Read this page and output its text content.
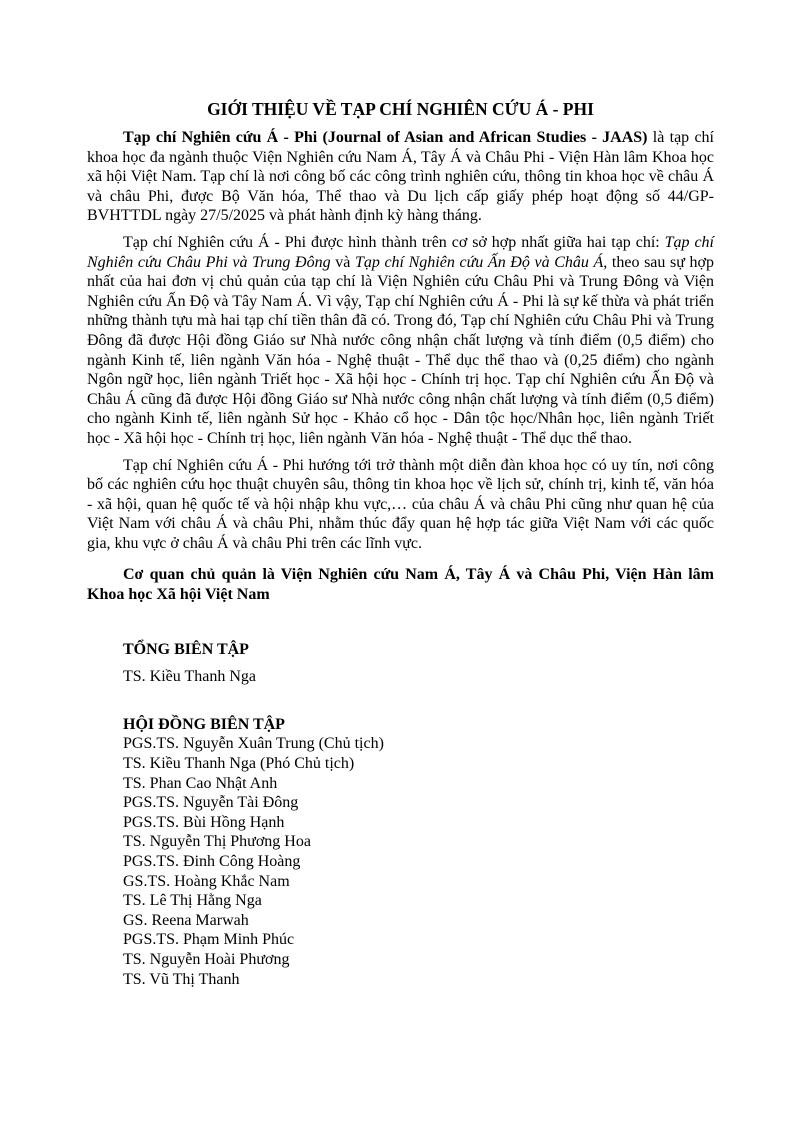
GIỚI THIỆU VỀ TẠP CHÍ NGHIÊN CỨU Á - PHI

Tạp chí Nghiên cứu Á - Phi (Journal of Asian and African Studies - JAAS) là tạp chí khoa học đa ngành thuộc Viện Nghiên cứu Nam Á, Tây Á và Châu Phi - Viện Hàn lâm Khoa học xã hội Việt Nam. Tạp chí là nơi công bố các công trình nghiên cứu, thông tin khoa học về châu Á và châu Phi, được Bộ Văn hóa, Thể thao và Du lịch cấp giấy phép hoạt động số 44/GP-BVHTTDL ngày 27/5/2025 và phát hành định kỳ hàng tháng.

Tạp chí Nghiên cứu Á - Phi được hình thành trên cơ sở hợp nhất giữa hai tạp chí: Tạp chí Nghiên cứu Châu Phi và Trung Đông và Tạp chí Nghiên cứu Ấn Độ và Châu Á, theo sau sự hợp nhất của hai đơn vị chủ quản của tạp chí là Viện Nghiên cứu Châu Phi và Trung Đông và Viện Nghiên cứu Ấn Độ và Tây Nam Á. Vì vậy, Tạp chí Nghiên cứu Á - Phi là sự kế thừa và phát triển những thành tựu mà hai tạp chí tiền thân đã có. Trong đó, Tạp chí Nghiên cứu Châu Phi và Trung Đông đã được Hội đồng Giáo sư Nhà nước công nhận chất lượng và tính điểm (0,5 điểm) cho ngành Kinh tế, liên ngành Văn hóa - Nghệ thuật - Thể dục thể thao và (0,25 điểm) cho ngành Ngôn ngữ học, liên ngành Triết học - Xã hội học - Chính trị học. Tạp chí Nghiên cứu Ấn Độ và Châu Á cũng đã được Hội đồng Giáo sư Nhà nước công nhận chất lượng và tính điểm (0,5 điểm) cho ngành Kinh tế, liên ngành Sử học - Khảo cổ học - Dân tộc học/Nhân học, liên ngành Triết học - Xã hội học - Chính trị học, liên ngành Văn hóa - Nghệ thuật - Thể dục thể thao.

Tạp chí Nghiên cứu Á - Phi hướng tới trở thành một diễn đàn khoa học có uy tín, nơi công bố các nghiên cứu học thuật chuyên sâu, thông tin khoa học về lịch sử, chính trị, kinh tế, văn hóa - xã hội, quan hệ quốc tế và hội nhập khu vực,… của châu Á và châu Phi cũng như quan hệ của Việt Nam với châu Á và châu Phi, nhằm thúc đẩy quan hệ hợp tác giữa Việt Nam với các quốc gia, khu vực ở châu Á và châu Phi trên các lĩnh vực.

Cơ quan chủ quản là Viện Nghiên cứu Nam Á, Tây Á và Châu Phi, Viện Hàn lâm Khoa học Xã hội Việt Nam

TỔNG BIÊN TẬP
TS. Kiều Thanh Nga
HỘI ĐỒNG BIÊN TẬP
PGS.TS. Nguyễn Xuân Trung (Chủ tịch)
TS. Kiều Thanh Nga (Phó Chủ tịch)
TS. Phan Cao Nhật Anh
PGS.TS. Nguyễn Tài Đông
PGS.TS. Bùi Hồng Hạnh
TS. Nguyễn Thị Phương Hoa
PGS.TS. Đinh Công Hoàng
GS.TS. Hoàng Khắc Nam
TS. Lê Thị Hằng Nga
GS. Reena Marwah
PGS.TS. Phạm Minh Phúc
TS. Nguyễn Hoài Phương
TS. Vũ Thị Thanh
